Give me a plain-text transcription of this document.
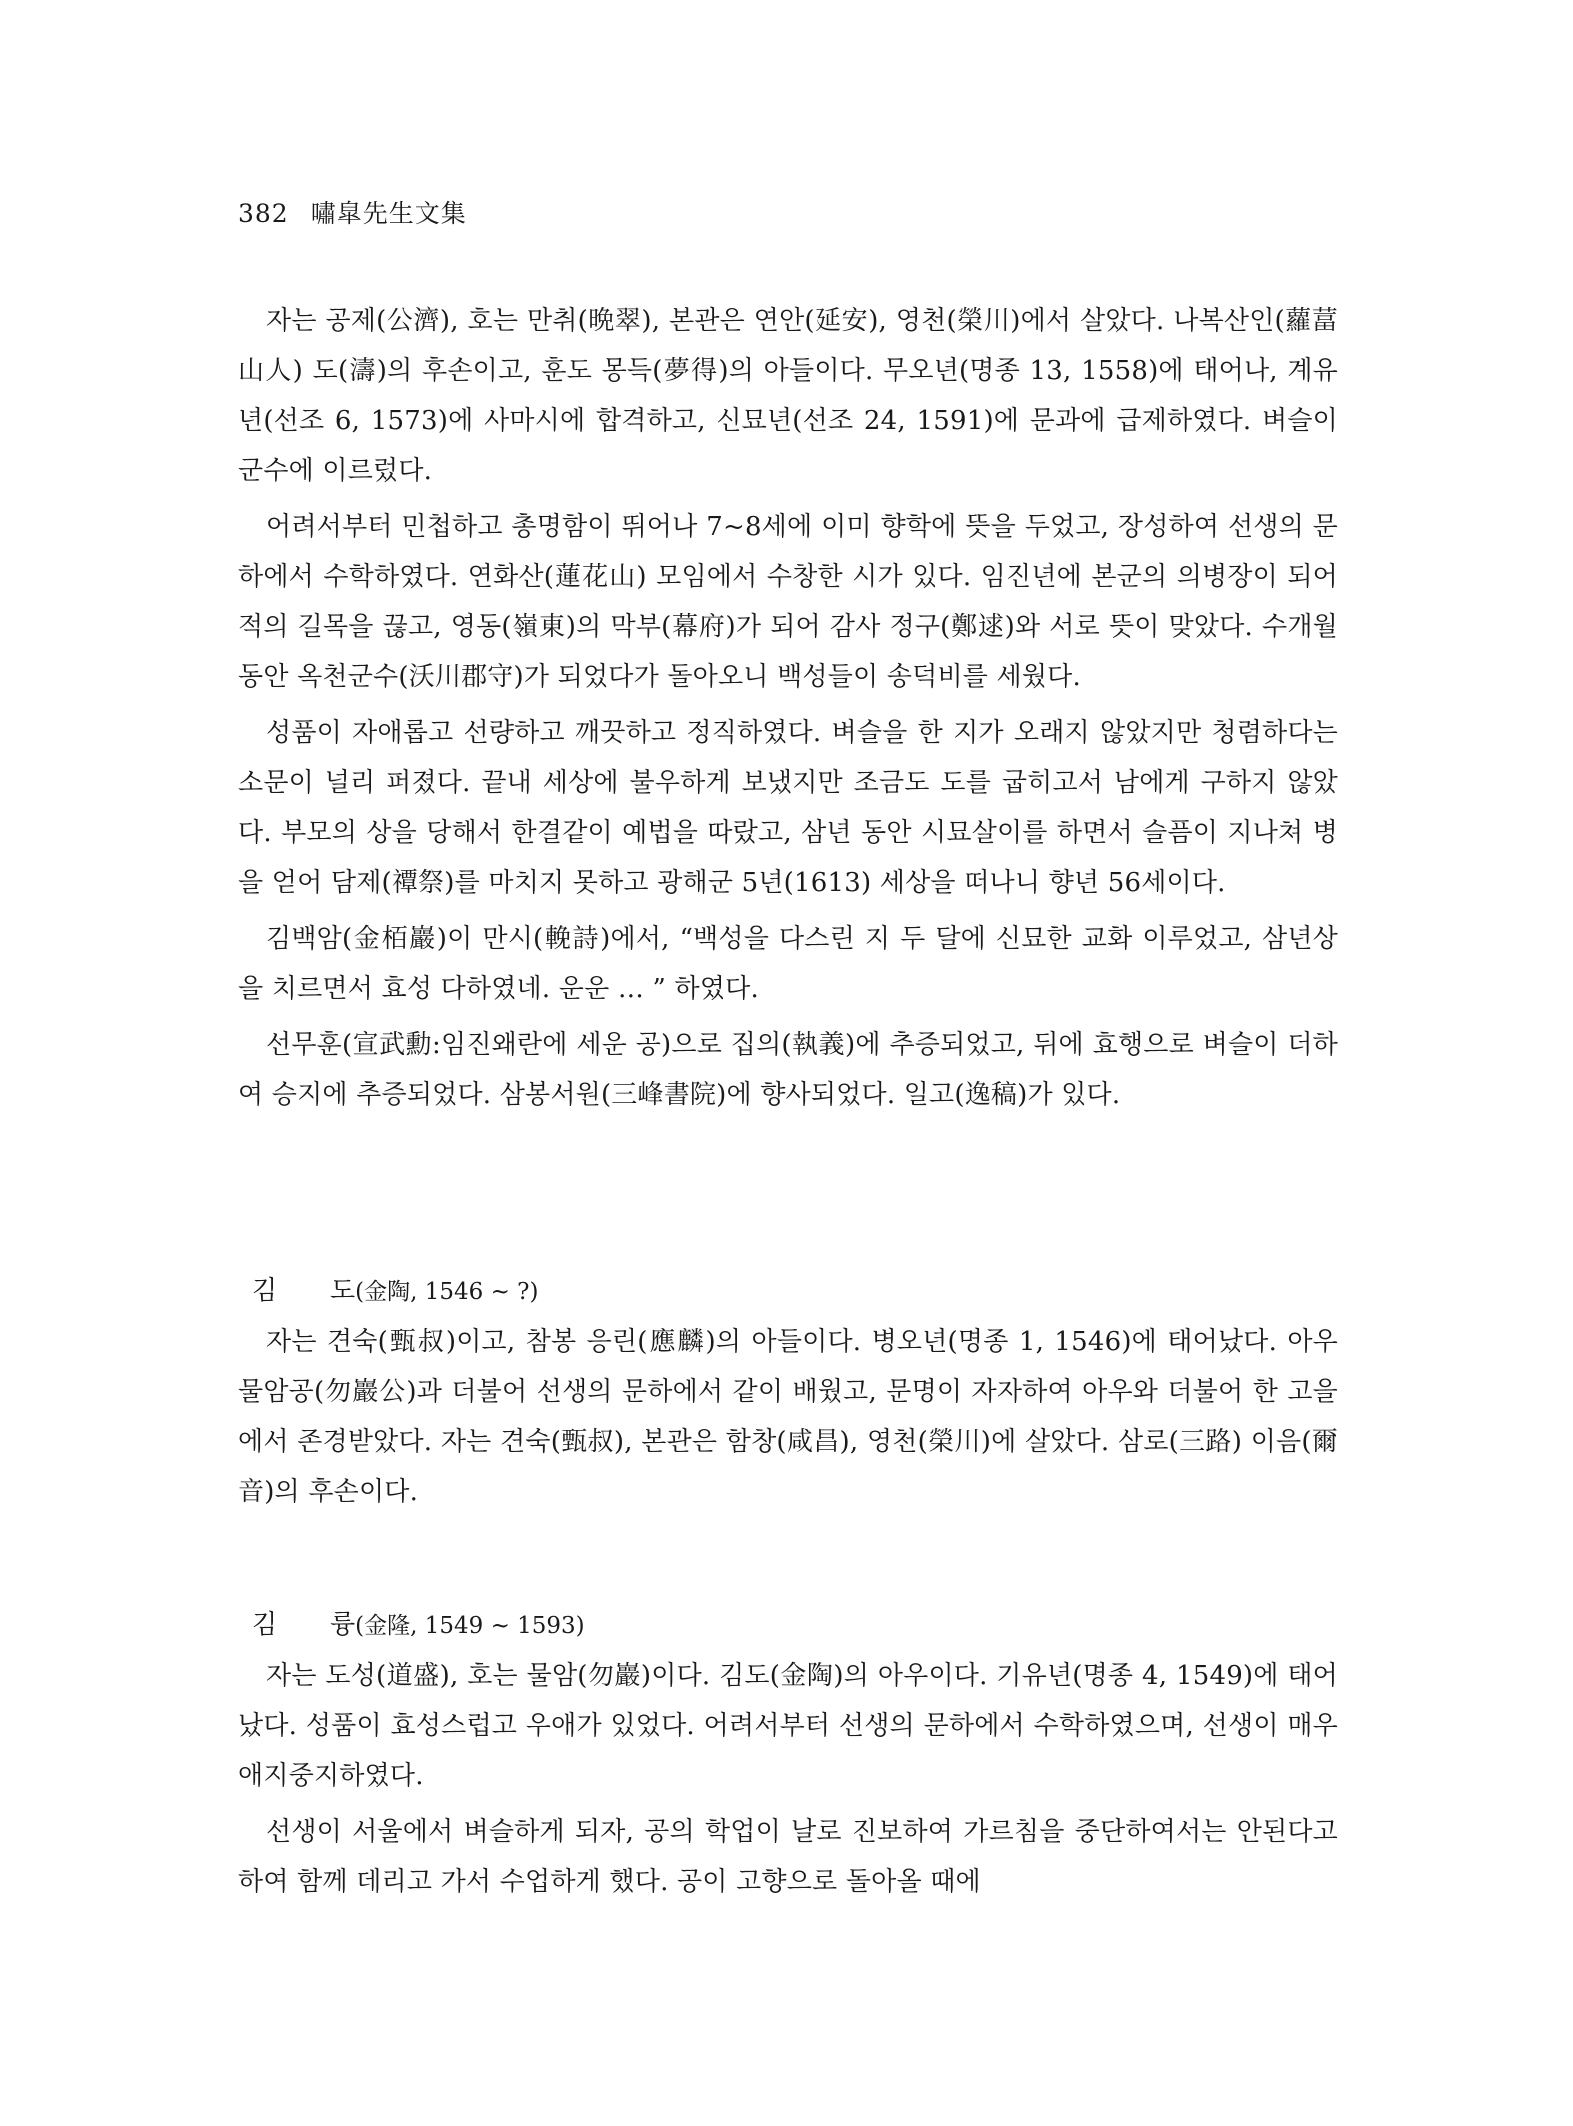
382 嘯皐先生文集

자는 공제(公濟), 호는 만취(晩翠), 본관은 연안(延安), 영천(榮川)에서 살았다. 나복산인(蘿葍山人) 도(濤)의 후손이고, 훈도 몽득(夢得)의 아들이다. 무오년(명종 13, 1558)에 태어나, 계유년(선조 6, 1573)에 사마시에 합격하고, 신묘년(선조 24, 1591)에 문과에 급제하였다. 벼슬이 군수에 이르렀다.

어려서부터 민첩하고 총명함이 뛰어나 7~8세에 이미 향학에 뜻을 두었고, 장성하여 선생의 문하에서 수학하였다. 연화산(蓮花山) 모임에서 수창한 시가 있다. 임진년에 본군의 의병장이 되어 적의 길목을 끊고, 영동(嶺東)의 막부(幕府)가 되어 감사 정구(鄭逑)와 서로 뜻이 맞았다. 수개월 동안 옥천군수(沃川郡守)가 되었다가 돌아오니 백성들이 송덕비를 세웠다.

성품이 자애롭고 선량하고 깨끗하고 정직하였다. 벼슬을 한 지가 오래지 않았지만 청렴하다는 소문이 널리 퍼졌다. 끝내 세상에 불우하게 보냈지만 조금도 도를 굽히고서 남에게 구하지 않았다. 부모의 상을 당해서 한결같이 예법을 따랐고, 삼년 동안 시묘살이를 하면서 슬픔이 지나쳐 병을 얻어 담제(禫祭)를 마치지 못하고 광해군 5년(1613) 세상을 떠나니 향년 56세이다.

김백암(金栢巖)이 만시(輓詩)에서, “백성을 다스린 지 두 달에 신묘한 교화 이루었고, 삼년상을 치르면서 효성 다하였네. 운운 … ” 하였다.

선무훈(宣武勳:임진왜란에 세운 공)으로 집의(執義)에 추증되었고, 뒤에 효행으로 벼슬이 더하여 승지에 추증되었다. 삼봉서원(三峰書院)에 향사되었다. 일고(逸稿)가 있다.

김 도(金陶, 1546 ~ ?)

자는 견숙(甄叔)이고, 참봉 응린(應麟)의 아들이다. 병오년(명종 1, 1546)에 태어났다. 아우 물암공(勿巖公)과 더불어 선생의 문하에서 같이 배웠고, 문명이 자자하여 아우와 더불어 한 고을에서 존경받았다. 자는 견숙(甄叔), 본관은 함창(咸昌), 영천(榮川)에 살았다. 삼로(三路) 이음(爾音)의 후손이다.

김 륭(金隆, 1549 ~ 1593)

자는 도성(道盛), 호는 물암(勿巖)이다. 김도(金陶)의 아우이다. 기유년(명종 4, 1549)에 태어났다. 성품이 효성스럽고 우애가 있었다. 어려서부터 선생의 문하에서 수학하였으며, 선생이 매우 애지중지하였다.

선생이 서울에서 벼슬하게 되자, 공의 학업이 날로 진보하여 가르침을 중단하여서는 안된다고 하여 함께 데리고 가서 수업하게 했다. 공이 고향으로 돌아올 때에
